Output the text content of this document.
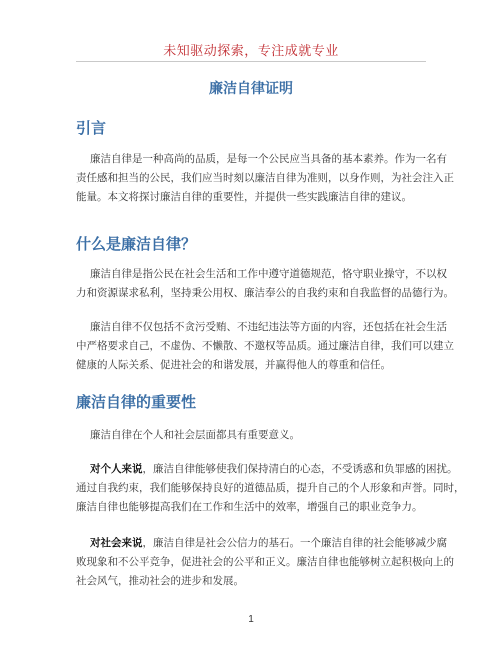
未知驱动探索，专注成就专业
廉洁自律证明
引言
廉洁自律是一种高尚的品质，是每一个公民应当具备的基本素养。作为一名有
责任感和担当的公民，我们应当时刻以廉洁自律为准则，以身作则，为社会注入正
能量。本文将探讨廉洁自律的重要性，并提供一些实践廉洁自律的建议。
什么是廉洁自律？
廉洁自律是指公民在社会生活和工作中遵守道德规范，恪守职业操守，不以权
力和资源谋求私利，坚持秉公用权、廉洁奉公的自我约束和自我监督的品德行为。
廉洁自律不仅包括不贪污受贿、不违纪违法等方面的内容，还包括在社会生活
中严格要求自己，不虚伪、不懒散、不邀权等品质。通过廉洁自律，我们可以建立
健康的人际关系、促进社会的和谐发展，并赢得他人的尊重和信任。
廉洁自律的重要性
廉洁自律在个人和社会层面都具有重要意义。
对个人来说，廉洁自律能够使我们保持清白的心态，不受诱惑和负罪感的困扰。
通过自我约束，我们能够保持良好的道德品质，提升自己的个人形象和声誉。同时，
廉洁自律也能够提高我们在工作和生活中的效率，增强自己的职业竞争力。
对社会来说，廉洁自律是社会公信力的基石。一个廉洁自律的社会能够减少腐
败现象和不公平竞争，促进社会的公平和正义。廉洁自律也能够树立起积极向上的
社会风气，推动社会的进步和发展。
1
